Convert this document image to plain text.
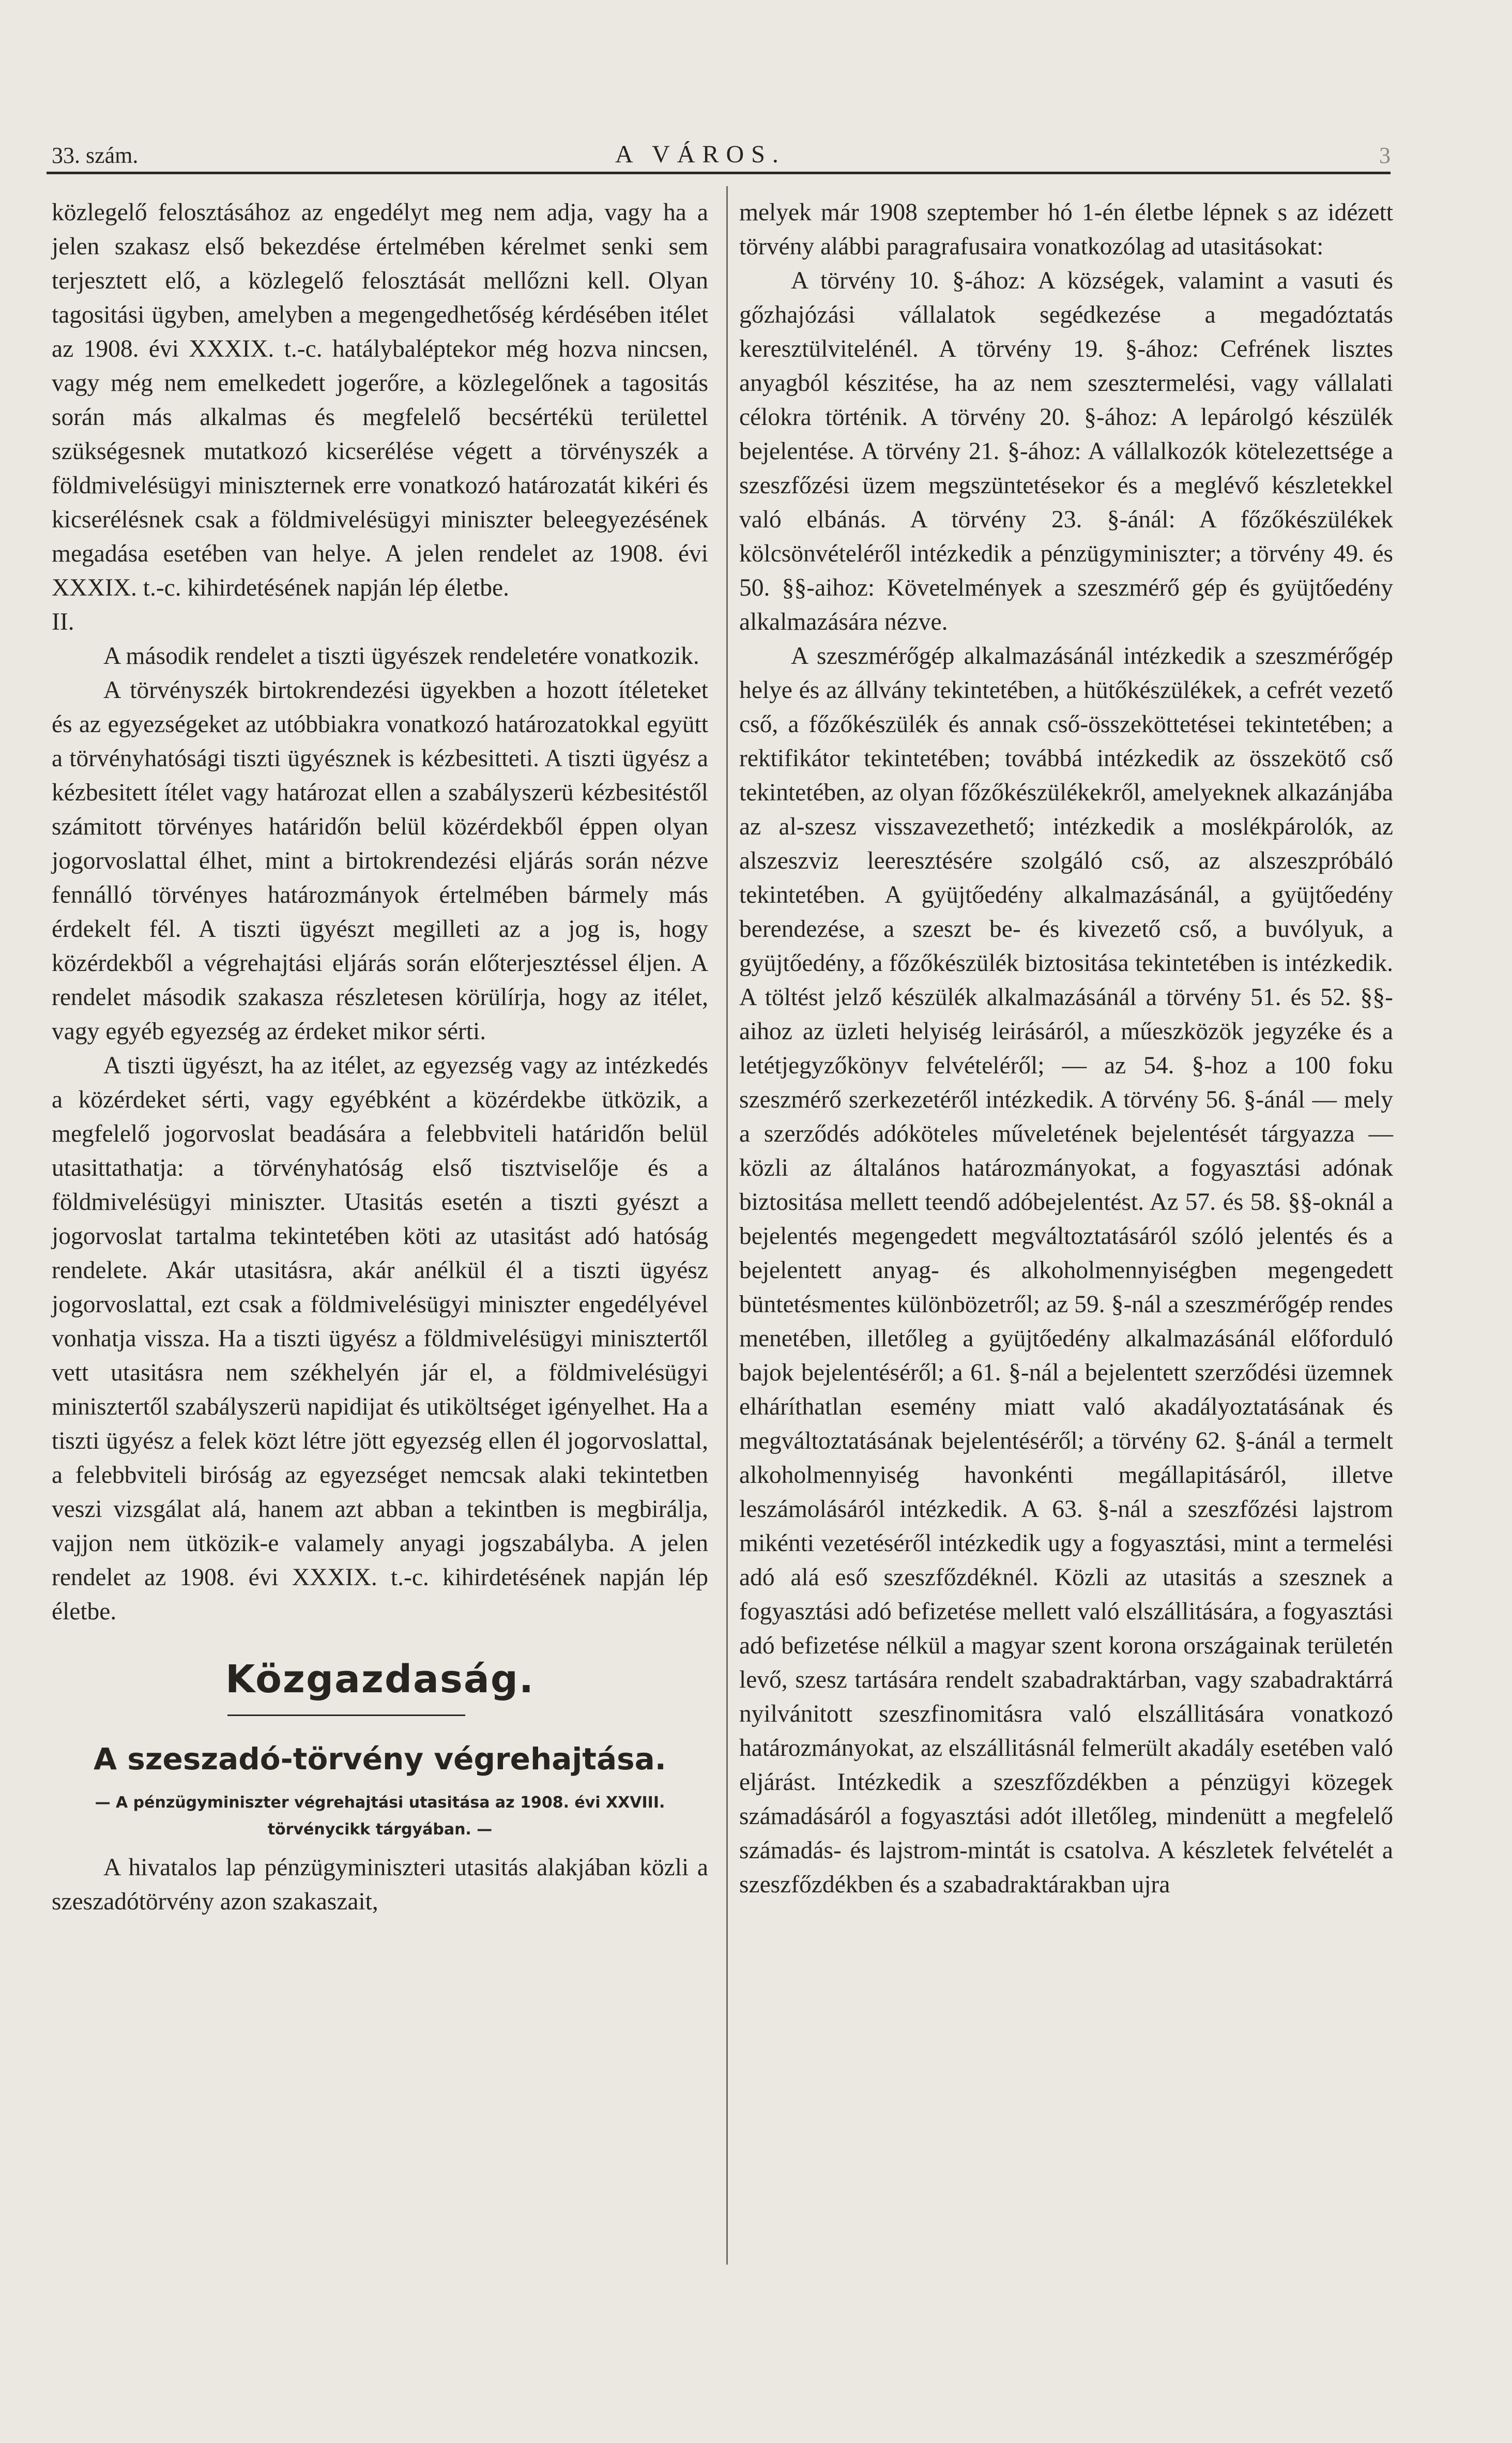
33. szám.	A VÁROS.	3

közlegelő felosztásához az engedélyt meg nem adja, vagy ha a jelen szakasz első bekezdése értelmében kérelmet senki sem terjesztett elő, a közlegelő felosztását mellőzni kell. Olyan tagositási ügyben, amelyben a megengedhetőség kérdésében itélet az 1908. évi XXXIX. t.-c. hatálybaléptekor még hozva nincsen, vagy még nem emelkedett jogerőre, a közlegelőnek a tagositás során más alkalmas és megfelelő becsértékü területtel szükségesnek mutatkozó kicserélése végett a törvényszék a földmivelésügyi miniszternek erre vonatkozó határozatát kikéri és kicserélésnek csak a földmivelésügyi miniszter beleegyezésének megadása esetében van helye. A jelen rendelet az 1908. évi XXXIX. t.-c. kihirdetésének napján lép életbe.

II.

A második rendelet a tiszti ügyészek rendeletére vonatkozik.

A törvényszék birtokrendezési ügyekben a hozott ítéleteket és az egyezségeket az utóbbiakra vonatkozó határozatokkal együtt a törvényhatósági tiszti ügyésznek is kézbesitteti. A tiszti ügyész a kézbesitett ítélet vagy határozat ellen a szabályszerü kézbesitéstől számitott törvényes határidőn belül közérdekből éppen olyan jogorvoslattal élhet, mint a birtokrendezési eljárás során nézve fennálló törvényes határozmányok értelmében bármely más érdekelt fél. A tiszti ügyészt megilleti az a jog is, hogy közérdekből a végrehajtási eljárás során előterjesztéssel éljen. A rendelet második szakasza részletesen körülírja, hogy az itélet, vagy egyéb egyezség az érdeket mikor sérti.

A tiszti ügyészt, ha az itélet, az egyezség vagy az intézkedés a közérdeket sérti, vagy egyébként a közérdekbe ütközik, a megfelelő jogorvoslat beadására a felebbviteli határidőn belül utasittathatja: a törvényhatóság első tisztviselője és a földmivelésügyi miniszter. Utasitás esetén a tiszti gyészt a jogorvoslat tartalma tekintetében köti az utasitást adó hatóság rendelete. Akár utasitásra, akár anélkül él a tiszti ügyész jogorvoslattal, ezt csak a földmivelésügyi miniszter engedélyével vonhatja vissza. Ha a tiszti ügyész a földmivelésügyi minisztertől vett utasitásra nem székhelyén jár el, a földmivelésügyi minisztertől szabályszerü napidijat és utiköltséget igényelhet. Ha a tiszti ügyész a felek közt létre jött egyezség ellen él jogorvoslattal, a felebbviteli biróság az egyezséget nemcsak alaki tekintetben veszi vizsgálat alá, hanem azt abban a tekintben is megbirálja, vajjon nem ütközik-e valamely anyagi jogszabályba. A jelen rendelet az 1908. évi XXXIX. t.-c. kihirdetésének napján lép életbe.

Közgazdaság.
A szeszadó-törvény végrehajtása.
— A pénzügyminiszter végrehajtási utasitása az 1908. évi XXVIII. törvénycikk tárgyában. —

A hivatalos lap pénzügyminiszteri utasitás alakjában közli a szeszadótörvény azon szakaszait,

melyek már 1908 szeptember hó 1-én életbe lépnek s az idézett törvény alábbi paragrafusaira vonatkozólag ad utasitásokat:

A törvény 10. §-ához: A községek, valamint a vasuti és gőzhajózási vállalatok segédkezése a megadóztatás keresztülvitelénél. A törvény 19. §-ához: Cefrének lisztes anyagból készitése, ha az nem szesztermelési, vagy vállalati célokra történik. A törvény 20. §-ához: A lepárolgó készülék bejelentése. A törvény 21. §-ához: A vállalkozók kötelezettsége a szeszfőzési üzem megszüntetésekor és a meglévő készletekkel való elbánás. A törvény 23. §-ánál: A főzőkészülékek kölcsönvételéről intézkedik a pénzügyminiszter; a törvény 49. és 50. §§-aihoz: Követelmények a szeszmérő gép és gyüjtőedény alkalmazására nézve.

A szeszmérőgép alkalmazásánál intézkedik a szeszmérőgép helye és az állvány tekintetében, a hütőkészülékek, a cefrét vezető cső, a főzőkészülék és annak cső-összeköttetései tekintetében; a rektifikátor tekintetében; továbbá intézkedik az összekötő cső tekintetében, az olyan főzőkészülékekről, amelyeknek alkazánjába az al-szesz visszavezethető; intézkedik a moslékpárolók, az alszeszviz leeresztésére szolgáló cső, az alszeszpróbáló tekintetében. A gyüjtőedény alkalmazásánál, a gyüjtőedény berendezése, a szeszt be- és kivezető cső, a buvólyuk, a gyüjtőedény, a főzőkészülék biztositása tekintetében is intézkedik. A töltést jelző készülék alkalmazásánál a törvény 51. és 52. §§-aihoz az üzleti helyiség leirásáról, a műeszközök jegyzéke és a letétjegyzőkönyv felvételéről; — az 54. §-hoz a 100 foku szeszmérő szerkezetéről intézkedik. A törvény 56. §-ánál — mely a szerződés adóköteles műveletének bejelentését tárgyazza — közli az általános határozmányokat, a fogyasztási adónak biztositása mellett teendő adóbejelentést. Az 57. és 58. §§-oknál a bejelentés megengedett megváltoztatásáról szóló jelentés és a bejelentett anyag- és alkoholmennyiségben megengedett büntetésmentes különbözetről; az 59. §-nál a szeszmérőgép rendes menetében, illetőleg a gyüjtőedény alkalmazásánál előforduló bajok bejelentéséről; a 61. §-nál a bejelentett szerződési üzemnek elháríthatlan esemény miatt való akadályoztatásának és megváltoztatásának bejelentéséről; a törvény 62. §-ánál a termelt alkoholmennyiség havonkénti megállapitásáról, illetve leszámolásáról intézkedik. A 63. §-nál a szeszfőzési lajstrom mikénti vezetéséről intézkedik ugy a fogyasztási, mint a termelési adó alá eső szeszfőzdéknél. Közli az utasitás a szesznek a fogyasztási adó befizetése mellett való elszállitására, a fogyasztási adó befizetése nélkül a magyar szent korona országainak területén levő, szesz tartására rendelt szabadraktárban, vagy szabadraktárrá nyilvánitott szeszfinomitásra való elszállitására vonatkozó határozmányokat, az elszállitásnál felmerült akadály esetében való eljárást. Intézkedik a szeszfőzdékben a pénzügyi közegek számadásáról a fogyasztási adót illetőleg, mindenütt a megfelelő számadás- és lajstrom-mintát is csatolva. A készletek felvételét a szeszfőzdékben és a szabadraktárakban ujra
